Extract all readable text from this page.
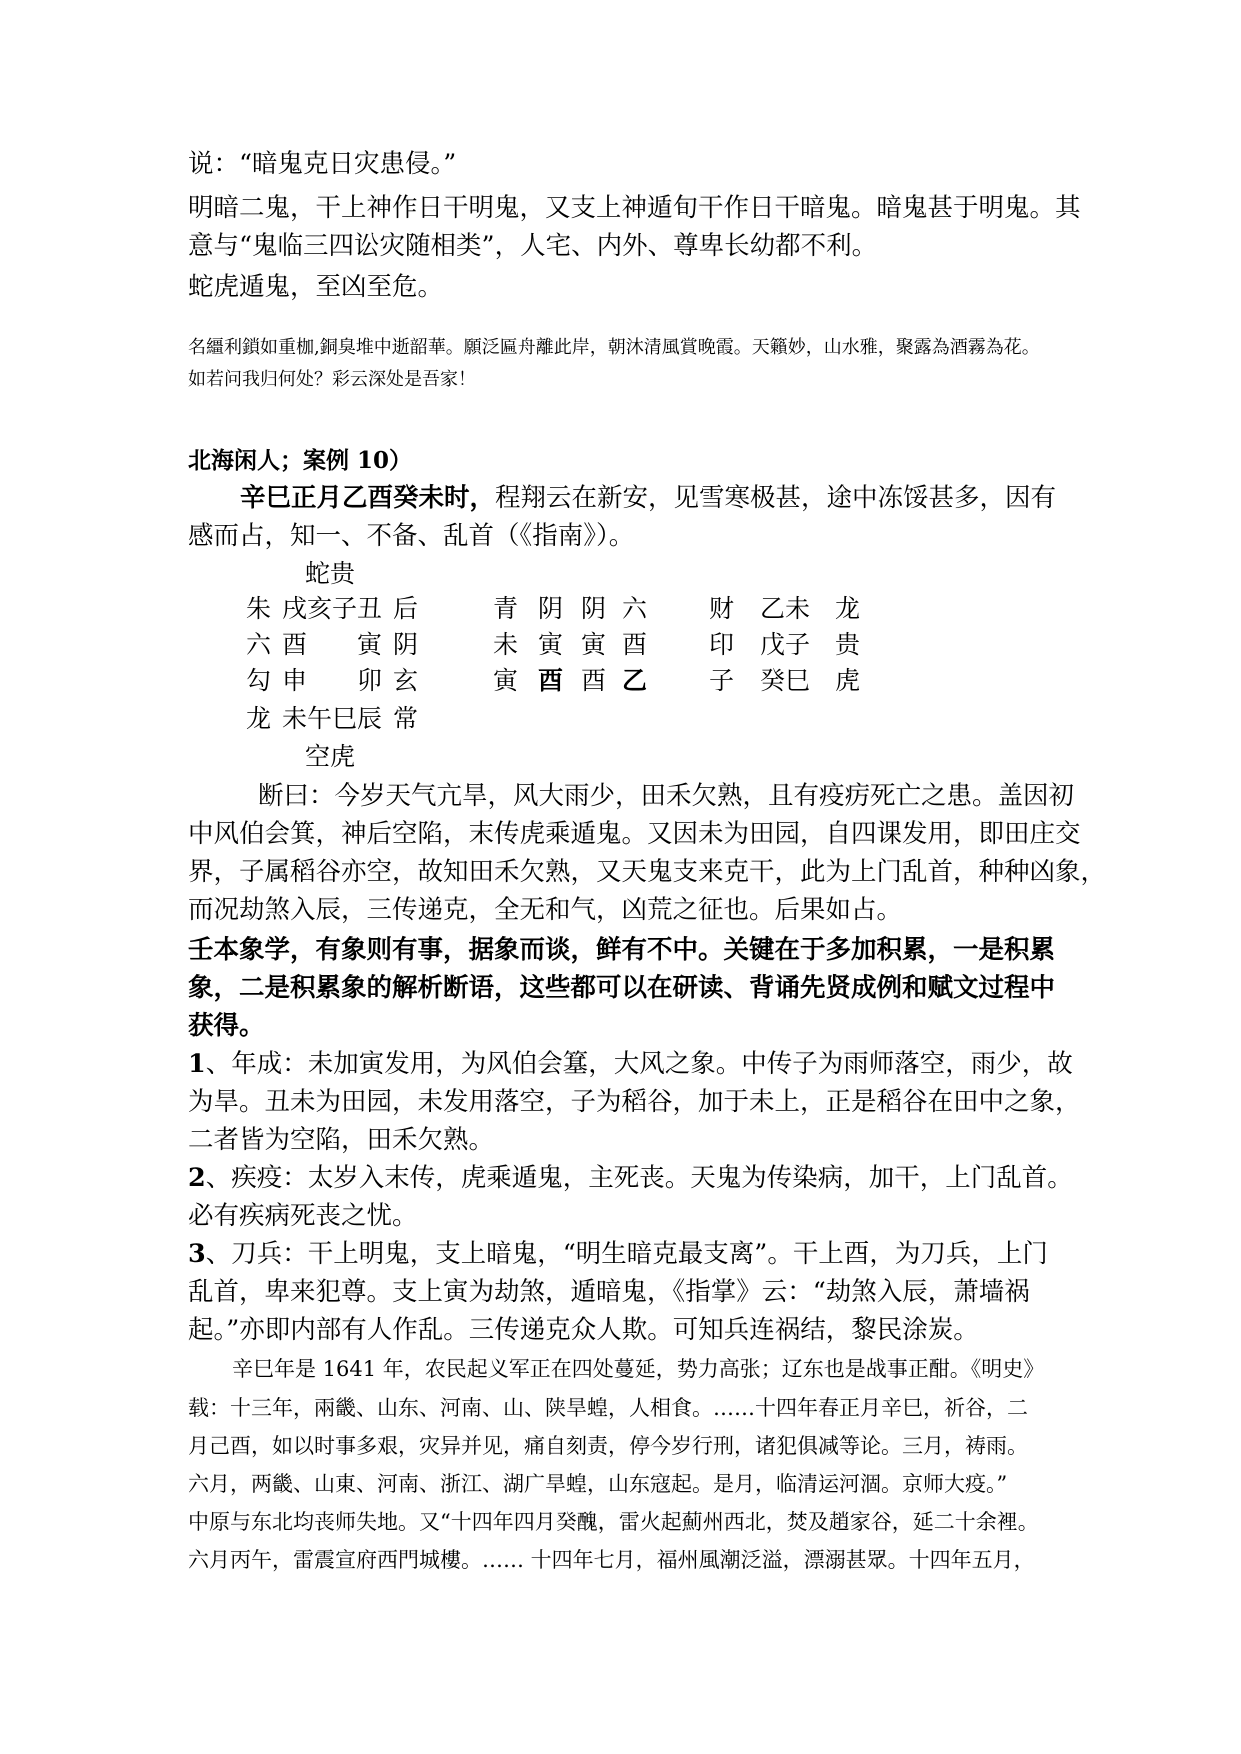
说：“暗鬼克日灾患侵。”
明暗二鬼，干上神作日干明鬼，又支上神遁旬干作日干暗鬼。暗鬼甚于明鬼。其
意与“鬼临三四讼灾随相类”，人宅、内外、尊卑长幼都不利。
蛇虎遁鬼，至凶至危。
名繮利鎖如重枷,銅臭堆中逝韶華。願泛匾舟離此岸，朝沐清風賞晚霞。天籟妙，山水雅，聚露為酒霧為花。
如若问我归何处？彩云深处是吾家！
北海闲人；案例 10）
辛巳正月乙酉癸未时，程翔云在新安，见雪寒极甚，途中冻馁甚多，因有
感而占，知一、不备、乱首（《指南》）。
蛇贵
朱 戌亥子丑 后
六 酉 寅 阴
勾 申 卯 玄
龙 未午巳辰 常
空虎
青 阴 阴 六
未 寅 寅 酉
寅 酉 酉 乙
财 乙未 龙
印 戊子 贵
子 癸巳 虎
断曰：今岁天气亢旱，风大雨少，田禾欠熟，且有疫疠死亡之患。盖因初
中风伯会箕，神后空陷，末传虎乘遁鬼。又因未为田园，自四课发用，即田庄交
界，子属稻谷亦空，故知田禾欠熟，又天鬼支来克干，此为上门乱首，种种凶象，
而况劫煞入辰，三传递克，全无和气，凶荒之征也。后果如占。
壬本象学，有象则有事，据象而谈，鲜有不中。关键在于多加积累，一是积累
象，二是积累象的解析断语，这些都可以在研读、背诵先贤成例和赋文过程中
获得。
1、年成：未加寅发用，为风伯会簊，大风之象。中传子为雨师落空，雨少，故
为旱。丑未为田园，未发用落空，子为稻谷，加于未上，正是稻谷在田中之象，
二者皆为空陷，田禾欠熟。
2、疾疫：太岁入末传，虎乘遁鬼，主死丧。天鬼为传染病，加干，上门乱首。
必有疾病死丧之忧。
3、刀兵：干上明鬼，支上暗鬼，“明生暗克最支离”。干上酉，为刀兵，上门
乱首，卑来犯尊。支上寅为劫煞，遁暗鬼，《指掌》云：“劫煞入辰，萧墙祸
起。”亦即内部有人作乱。三传递克众人欺。可知兵连祸结，黎民涂炭。
辛巳年是 1641 年，农民起义军正在四处蔓延，势力高张；辽东也是战事正酣。《明史》
载：十三年，兩畿、山东、河南、山、陕旱蝗，人相食。……十四年春正月辛巳，祈谷，二
月己酉，如以时事多艰，灾异并见，痛自刻责，停今岁行刑，诸犯俱减等论。三月，祷雨。
六月，两畿、山東、河南、浙江、湖广旱蝗，山东寇起。是月，临清运河涸。京师大疫。”
中原与东北均丧师失地。又“十四年四月癸醜，雷火起薊州西北，焚及趙家谷，延二十余裡。
六月丙午，雷震宣府西門城樓。…… 十四年七月，福州風潮泛溢，漂溺甚眾。十四年五月，
